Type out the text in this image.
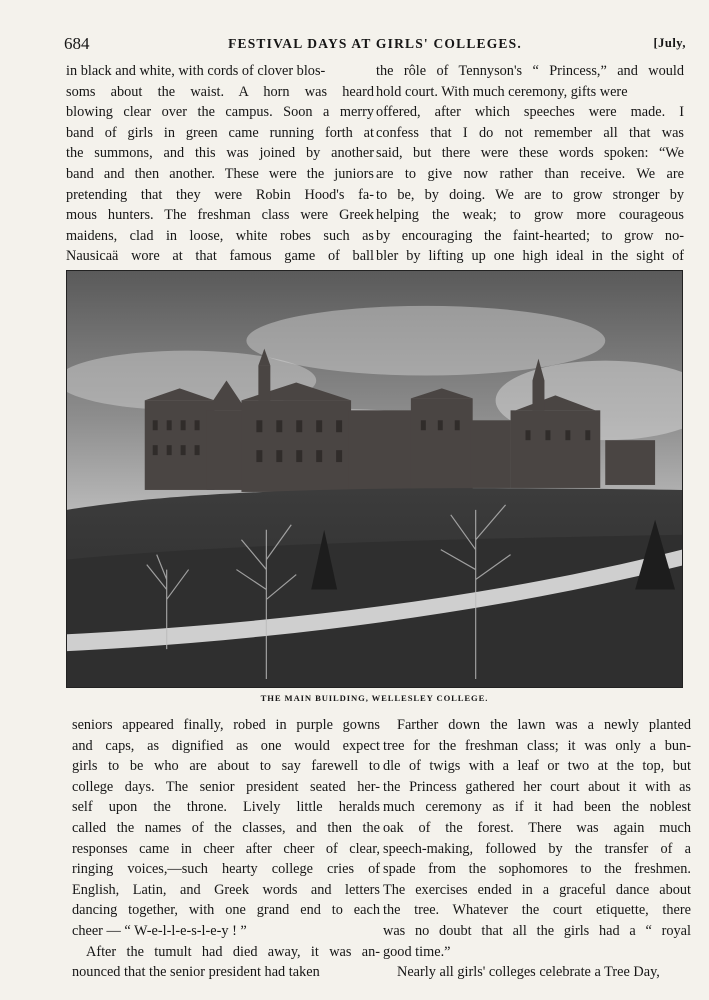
684	FESTIVAL DAYS AT GIRLS' COLLEGES.	[July,
in black and white, with cords of clover blos-
soms about the waist. A horn was heard
blowing clear over the campus. Soon a merry
band of girls in green came running forth at
the summons, and this was joined by another
band and then another. These were the juniors
pretending that they were Robin Hood's fa-
mous hunters. The freshman class were Greek
maidens, clad in loose, white robes such as
Nausicaä wore at that famous game of ball
the rôle of Tennyson's “ Princess,” and would
hold court. With much ceremony, gifts were
offered, after which speeches were made. I
confess that I do not remember all that was
said, but there were these words spoken: “We
are to give now rather than receive. We are
to be, by doing. We are to grow stronger by
helping the weak; to grow more courageous
by encouraging the faint-hearted; to grow no-
bler by lifting up one high ideal in the sight of
THE MAIN BUILDING, WELLESLEY COLLEGE.
seniors appeared finally, robed in purple gowns
and caps, as dignified as one would expect
girls to be who are about to say farewell to
college days. The senior president seated her-
self upon the throne. Lively little heralds
called the names of the classes, and then the
responses came in cheer after cheer of clear,
ringing voices,—such hearty college cries of
English, Latin, and Greek words and letters
dancing together, with one grand end to each
cheer — “ W-e-l-l-e-s-l-e-y ! ”
After the tumult had died away, it was an-
nounced that the senior president had taken
Farther down the lawn was a newly planted
tree for the freshman class; it was only a bun-
dle of twigs with a leaf or two at the top, but
the Princess gathered her court about it with as
much ceremony as if it had been the noblest
oak of the forest. There was again much
speech-making, followed by the transfer of a
spade from the sophomores to the freshmen.
The exercises ended in a graceful dance about
the tree. Whatever the court etiquette, there
was no doubt that all the girls had a “ royal
good time.”
Nearly all girls' colleges celebrate a Tree Day,
